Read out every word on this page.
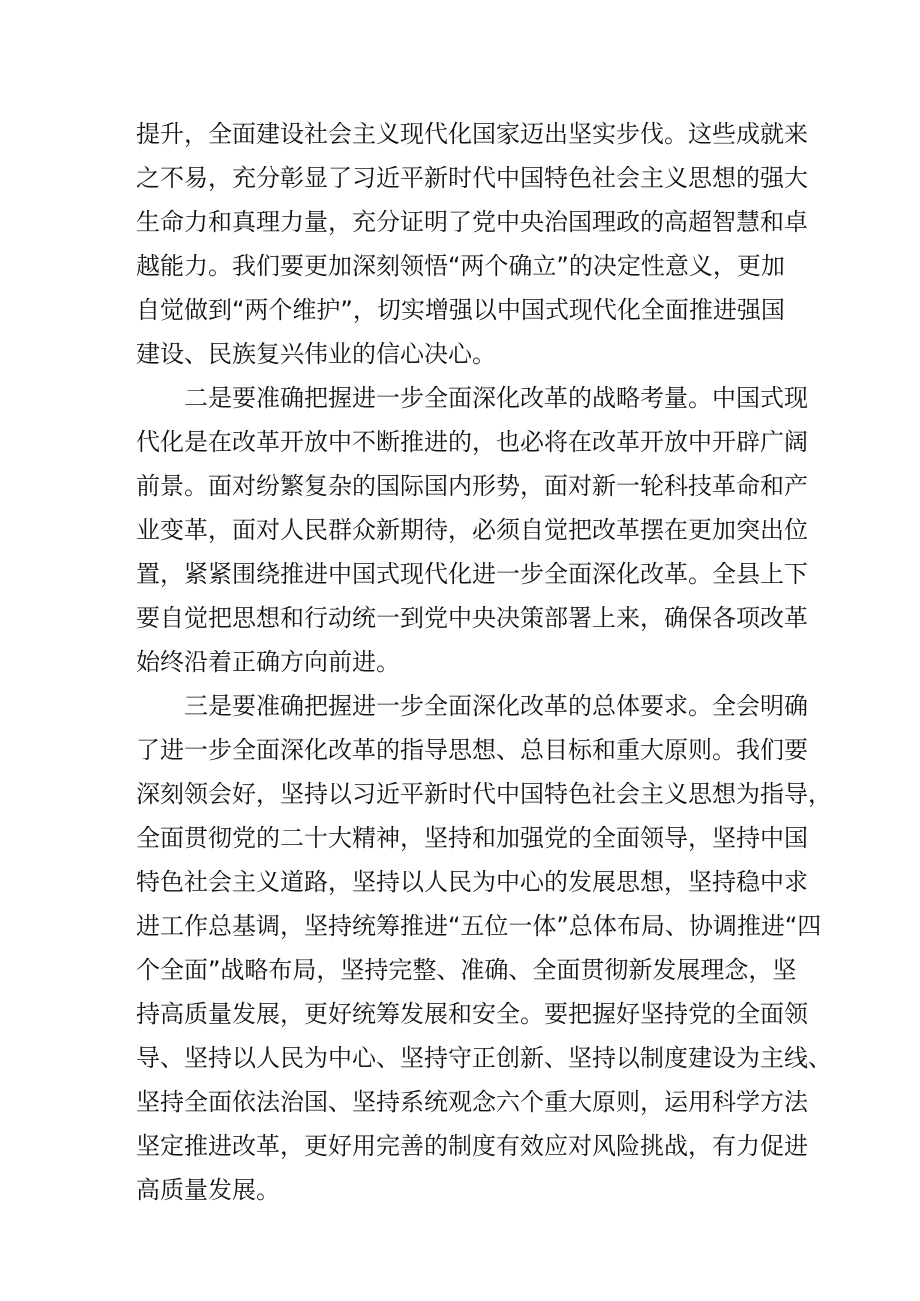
提升，全面建设社会主义现代化国家迈出坚实步伐。这些成就来
之不易，充分彰显了习近平新时代中国特色社会主义思想的强大
生命力和真理力量，充分证明了党中央治国理政的高超智慧和卓
越能力。我们要更加深刻领悟“两个确立”的决定性意义，更加
自觉做到“两个维护”，切实增强以中国式现代化全面推进强国
建设、民族复兴伟业的信心决心。
二是要准确把握进一步全面深化改革的战略考量。中国式现
代化是在改革开放中不断推进的，也必将在改革开放中开辟广阔
前景。面对纷繁复杂的国际国内形势，面对新一轮科技革命和产
业变革，面对人民群众新期待，必须自觉把改革摆在更加突出位
置，紧紧围绕推进中国式现代化进一步全面深化改革。全县上下
要自觉把思想和行动统一到党中央决策部署上来，确保各项改革
始终沿着正确方向前进。
三是要准确把握进一步全面深化改革的总体要求。全会明确
了进一步全面深化改革的指导思想、总目标和重大原则。我们要
深刻领会好，坚持以习近平新时代中国特色社会主义思想为指导，
全面贯彻党的二十大精神，坚持和加强党的全面领导，坚持中国
特色社会主义道路，坚持以人民为中心的发展思想，坚持稳中求
进工作总基调，坚持统筹推进“五位一体”总体布局、协调推进“四
个全面”战略布局，坚持完整、准确、全面贯彻新发展理念，坚
持高质量发展，更好统筹发展和安全。要把握好坚持党的全面领
导、坚持以人民为中心、坚持守正创新、坚持以制度建设为主线、
坚持全面依法治国、坚持系统观念六个重大原则，运用科学方法
坚定推进改革，更好用完善的制度有效应对风险挑战，有力促进
高质量发展。
